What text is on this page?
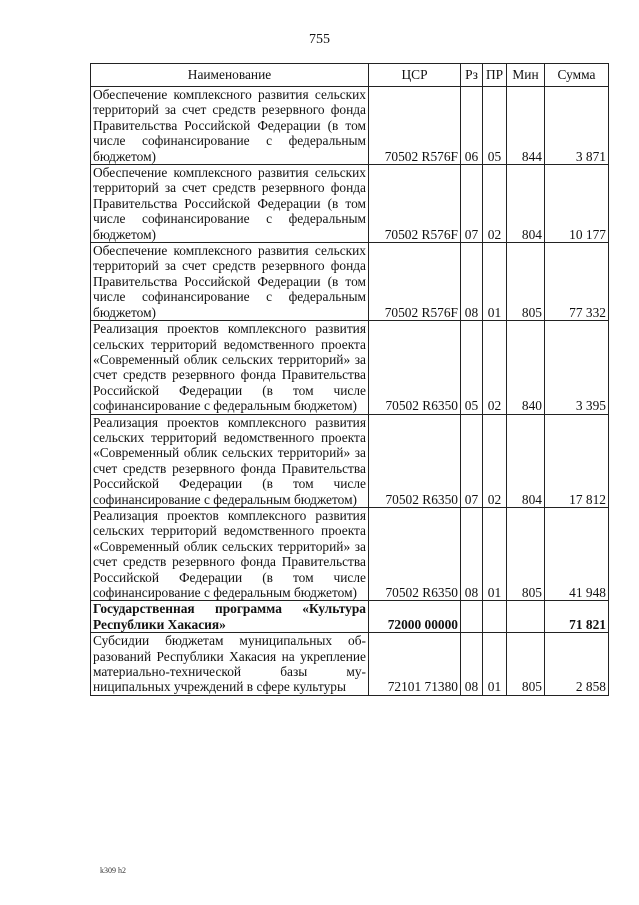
755
Наименование	ЦСР	Рз	ПР	Мин	Сумма
Обеспечение комплексного развития сельских территорий за счет средств резервного фонда Правительства Российской Федерации (в том числе софинансирование с федеральным бюджетом)	70502 R576F	06	05	844	3 871
Обеспечение комплексного развития сельских территорий за счет средств резервного фонда Правительства Российской Федерации (в том числе софинансирование с федеральным бюджетом)	70502 R576F	07	02	804	10 177
Обеспечение комплексного развития сельских территорий за счет средств резервного фонда Правительства Российской Федерации (в том числе софинансирование с федеральным бюджетом)	70502 R576F	08	01	805	77 332
Реализация проектов комплексного развития сельских территорий ведомственного проекта «Современный облик сельских территорий» за счет средств резервного фонда Правительства Российской Федерации (в том числе софинансирование с федеральным бюджетом)	70502 R6350	05	02	840	3 395
Реализация проектов комплексного развития сельских территорий ведомственного проекта «Современный облик сельских территорий» за счет средств резервного фонда Правительства Российской Федерации (в том числе софинансирование с федеральным бюджетом)	70502 R6350	07	02	804	17 812
Реализация проектов комплексного развития сельских территорий ведомственного проекта «Современный облик сельских территорий» за счет средств резервного фонда Правительства Российской Федерации (в том числе софинансирование с федеральным бюджетом)	70502 R6350	08	01	805	41 948
Государственная программа «Культура Республики Хакасия»	72000 00000				71 821
Субсидии бюджетам муниципальных образований Республики Хакасия на укрепление материально-технической базы муниципальных учреждений в сфере культуры	72101 71380	08	01	805	2 858
k309 h2
